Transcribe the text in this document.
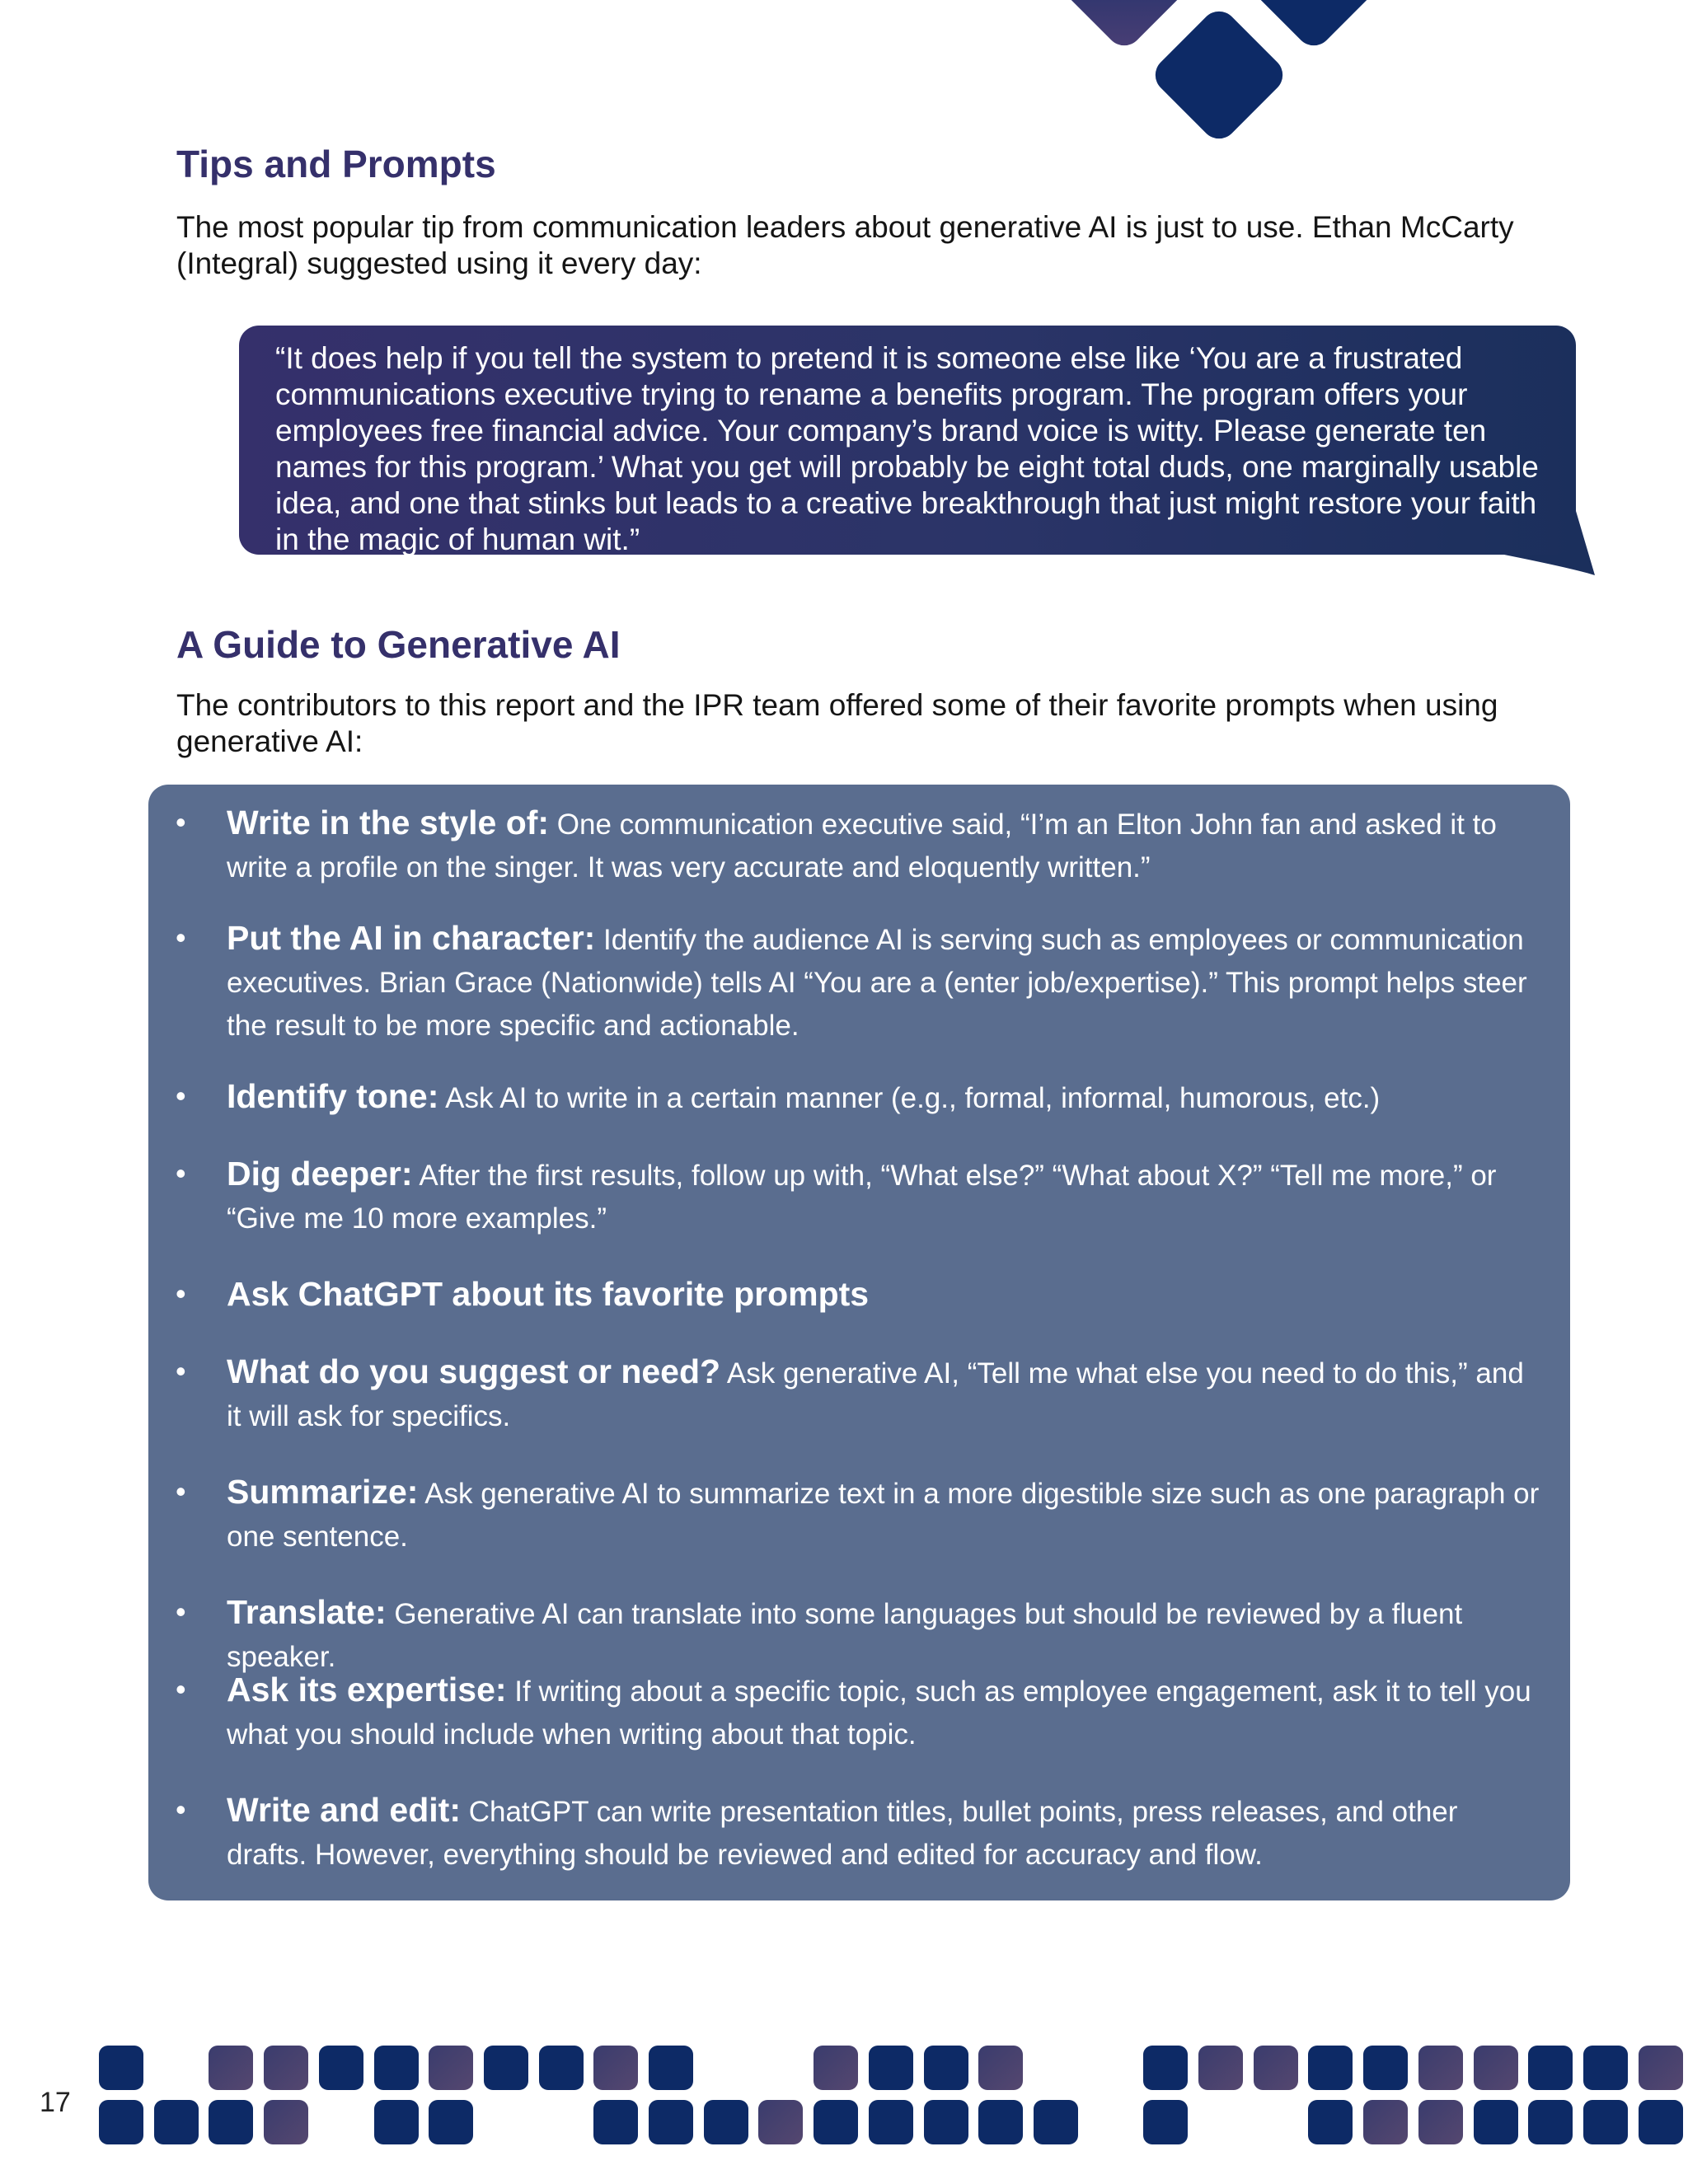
Tips and Prompts

The most popular tip from communication leaders about generative AI is just to use. Ethan McCarty (Integral) suggested using it every day:

“It does help if you tell the system to pretend it is someone else like ‘You are a frustrated communications executive trying to rename a benefits program. The program offers your employees free financial advice. Your company’s brand voice is witty. Please generate ten names for this program.’ What you get will probably be eight total duds, one marginally usable idea, and one that stinks but leads to a creative breakthrough that just might restore your faith in the magic of human wit.”

A Guide to Generative AI

The contributors to this report and the IPR team offered some of their favorite prompts when using generative AI:

• Write in the style of: One communication executive said, “I’m an Elton John fan and asked it to write a profile on the singer. It was very accurate and eloquently written.”
• Put the AI in character: Identify the audience AI is serving such as employees or communication executives. Brian Grace (Nationwide) tells AI “You are a (enter job/expertise).” This prompt helps steer the result to be more specific and actionable.
• Identify tone: Ask AI to write in a certain manner (e.g., formal, informal, humorous, etc.)
• Dig deeper: After the first results, follow up with, “What else?” “What about X?” “Tell me more,” or “Give me 10 more examples.”
• Ask ChatGPT about its favorite prompts
• What do you suggest or need? Ask generative AI, “Tell me what else you need to do this,” and it will ask for specifics.
• Summarize: Ask generative AI to summarize text in a more digestible size such as one paragraph or one sentence.
• Translate: Generative AI can translate into some languages but should be reviewed by a fluent speaker.
• Ask its expertise: If writing about a specific topic, such as employee engagement, ask it to tell you what you should include when writing about that topic.
• Write and edit: ChatGPT can write presentation titles, bullet points, press releases, and other drafts. However, everything should be reviewed and edited for accuracy and flow.
17
